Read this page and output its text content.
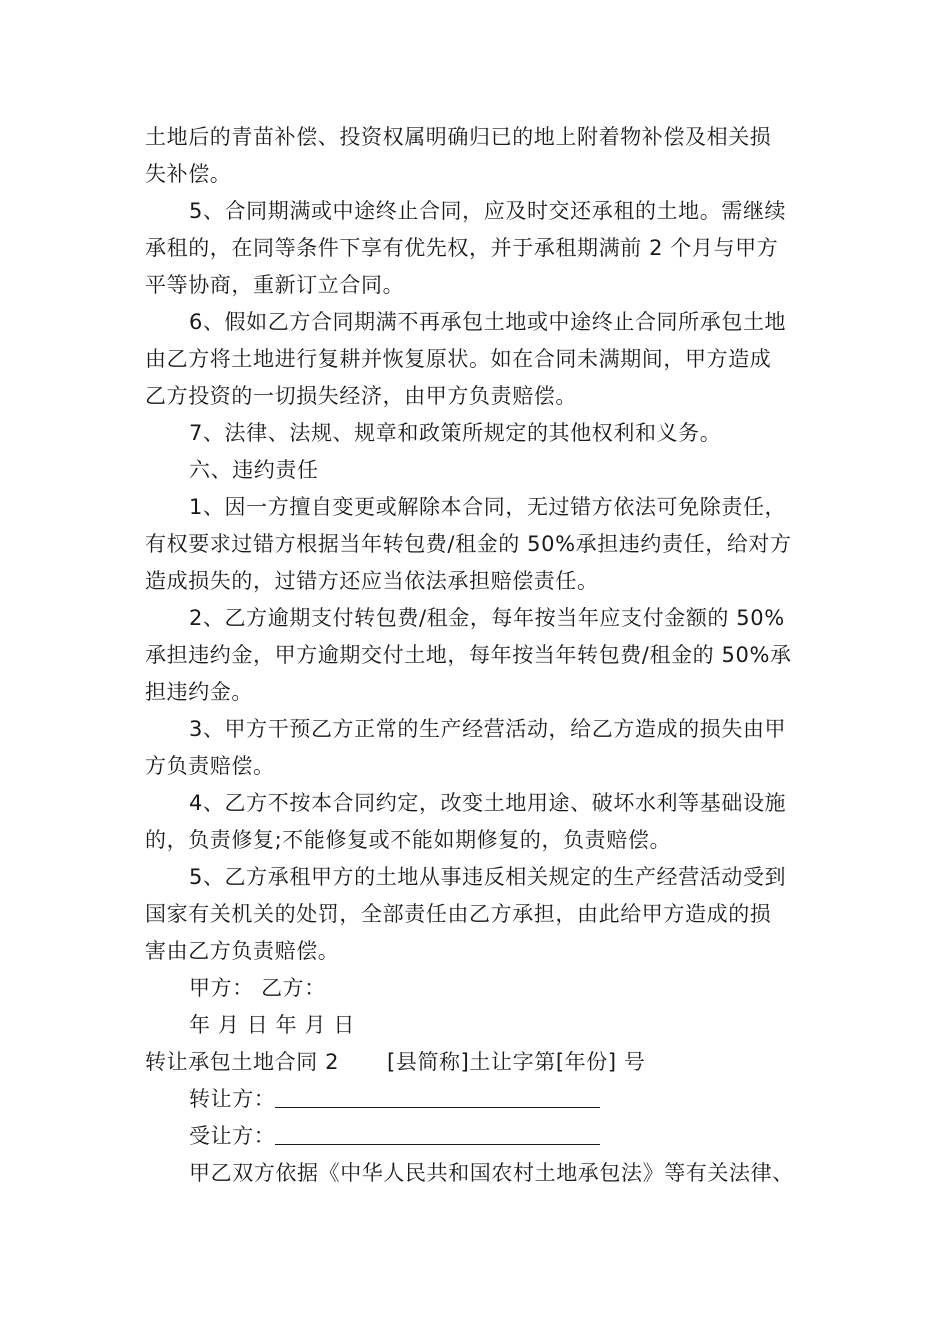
土地后的青苗补偿、投资权属明确归已的地上附着物补偿及相关损
失补偿。
5、合同期满或中途终止合同，应及时交还承租的土地。需继续
承租的，在同等条件下享有优先权，并于承租期满前 2 个月与甲方
平等协商，重新订立合同。
6、假如乙方合同期满不再承包土地或中途终止合同所承包土地
由乙方将土地进行复耕并恢复原状。如在合同未满期间，甲方造成
乙方投资的一切损失经济，由甲方负责赔偿。
7、法律、法规、规章和政策所规定的其他权利和义务。
六、违约责任
1、因一方擅自变更或解除本合同，无过错方依法可免除责任，
有权要求过错方根据当年转包费/租金的 50%承担违约责任，给对方
造成损失的，过错方还应当依法承担赔偿责任。
2、乙方逾期支付转包费/租金，每年按当年应支付金额的 50%
承担违约金，甲方逾期交付土地，每年按当年转包费/租金的 50%承
担违约金。
3、甲方干预乙方正常的生产经营活动，给乙方造成的损失由甲
方负责赔偿。
4、乙方不按本合同约定，改变土地用途、破坏水利等基础设施
的，负责修复;不能修复或不能如期修复的，负责赔偿。
5、乙方承租甲方的土地从事违反相关规定的生产经营活动受到
国家有关机关的处罚，全部责任由乙方承担，由此给甲方造成的损
害由乙方负责赔偿。
甲方： 乙方：
年 月 日 年 月 日
转让承包土地合同 2 [县简称]土让字第[年份] 号
转让方：
受让方：
甲乙双方依据《中华人民共和国农村土地承包法》等有关法律、
